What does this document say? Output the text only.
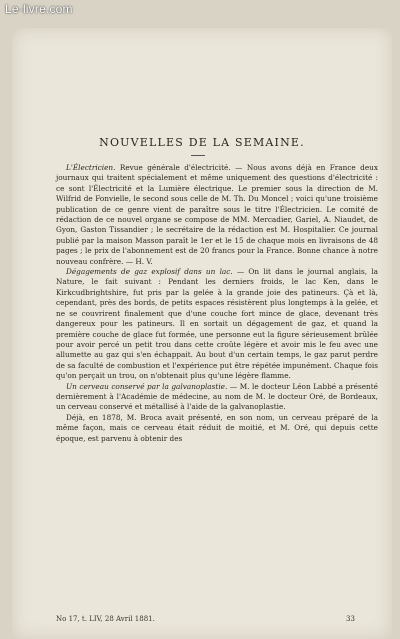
Le-livre.com
NOUVELLES DE LA SEMAINE.

L'Électricien. Revue générale d'électricité. — Nous avons déjà en France deux journaux qui traitent spécialement et même uniquement des questions d'électricité : ce sont l'Électricité et la Lumière électrique. Le premier sous la direction de M. Wilfrid de Fonvielle, le second sous celle de M. Th. Du Moncel ; voici qu'une troisième publication de ce genre vient de paraître sous le titre l'Électricien. Le comité de rédaction de ce nouvel organe se compose de MM. Mercadier, Gariel, A. Niaudet, de Gyon, Gaston Tissandier ; le secrétaire de la rédaction est M. Hospitalier. Ce journal publié par la maison Masson paraît le 1er et le 15 de chaque mois en livraisons de 48 pages ; le prix de l'abonnement est de 20 francs pour la France. Bonne chance à notre nouveau confrère. — H. V.

Dégagements de gaz explosif dans un lac. — On lit dans le journal anglais, la Nature, le fait suivant : Pendant les derniers froids, le lac Ken, dans le Kirkcudbrightshire, fut pris par la gelée à la grande joie des patineurs. Çà et là, cependant, près des bords, de petits espaces résistèrent plus longtemps à la gelée, et ne se couvrirent finalement que d'une couche fort mince de glace, devenant très dangereux pour les patineurs. Il en sortait un dégagement de gaz, et quand la première couche de glace fut formée, une personne eut la figure sérieusement brûlée pour avoir percé un petit trou dans cette croûte légère et avoir mis le feu avec une allumette au gaz qui s'en échappait. Au bout d'un certain temps, le gaz parut perdre de sa faculté de combustion et l'expérience put être répétée impunément. Chaque fois qu'on perçait un trou, on n'obtenait plus qu'une légère flamme.

Un cerveau conservé par la galvanoplastie. — M. le docteur Léon Labbé a présenté dernièrement à l'Académie de médecine, au nom de M. le docteur Oré, de Bordeaux, un cerveau conservé et métallisé à l'aide de la galvanoplastie.

Déjà, en 1878, M. Broca avait présenté, en son nom, un cerveau préparé de la même façon, mais ce cerveau était réduit de moitié, et M. Oré, qui depuis cette époque, est parvenu à obtenir des

No 17, t. LIV, 28 Avril 1881.	33
